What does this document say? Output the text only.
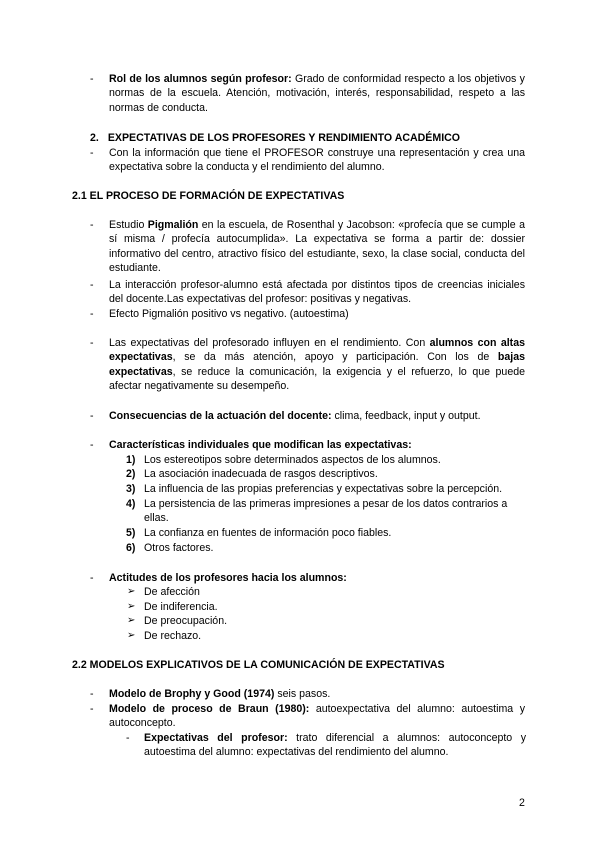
- Rol de los alumnos según profesor: Grado de conformidad respecto a los objetivos y normas de la escuela. Atención, motivación, interés, responsabilidad, respeto a las normas de conducta.
2. EXPECTATIVAS DE LOS PROFESORES Y RENDIMIENTO ACADÉMICO
- Con la información que tiene el PROFESOR construye una representación y crea una expectativa sobre la conducta y el rendimiento del alumno.
2.1 EL PROCESO DE FORMACIÓN DE EXPECTATIVAS
- Estudio Pigmalión en la escuela, de Rosenthal y Jacobson: «profecía que se cumple a sí misma / profecía autocumplida». La expectativa se forma a partir de: dossier informativo del centro, atractivo físico del estudiante, sexo, la clase social, conducta del estudiante.
- La interacción profesor-alumno está afectada por distintos tipos de creencias iniciales del docente.Las expectativas del profesor: positivas y negativas.
- Efecto Pigmalión positivo vs negativo. (autoestima)
- Las expectativas del profesorado influyen en el rendimiento. Con alumnos con altas expectativas, se da más atención, apoyo y participación. Con los de bajas expectativas, se reduce la comunicación, la exigencia y el refuerzo, lo que puede afectar negativamente su desempeño.
- Consecuencias de la actuación del docente: clima, feedback, input y output.
- Características individuales que modifican las expectativas:
1) Los estereotipos sobre determinados aspectos de los alumnos.
2) La asociación inadecuada de rasgos descriptivos.
3) La influencia de las propias preferencias y expectativas sobre la percepción.
4) La persistencia de las primeras impresiones a pesar de los datos contrarios a ellas.
5) La confianza en fuentes de información poco fiables.
6) Otros factores.
- Actitudes de los profesores hacia los alumnos:
➢ De afección
➢ De indiferencia.
➢ De preocupación.
➢ De rechazo.
2.2 MODELOS EXPLICATIVOS DE LA COMUNICACIÓN DE EXPECTATIVAS
- Modelo de Brophy y Good (1974) seis pasos.
- Modelo de proceso de Braun (1980): autoexpectativa del alumno: autoestima y autoconcepto.
- Expectativas del profesor: trato diferencial a alumnos: autoconcepto y autoestima del alumno: expectativas del rendimiento del alumno.
2
